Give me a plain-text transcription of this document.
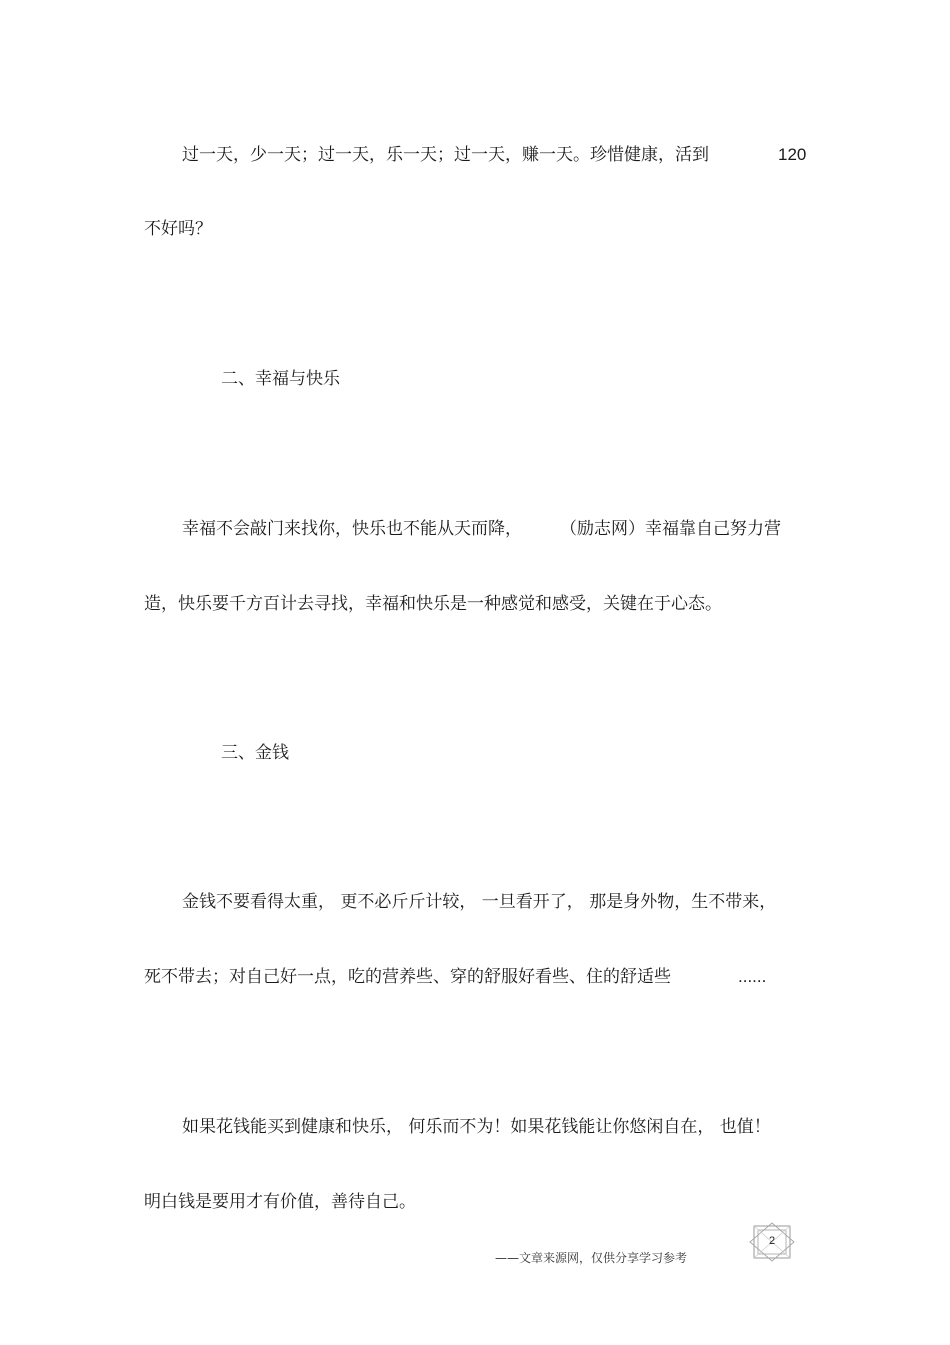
过一天，少一天；过一天，乐一天；过一天，赚一天。珍惜健康，活到	120
不好吗？
二、幸福与快乐
幸福不会敲门来找你，快乐也不能从天而降， （励志网）幸福靠自己努力营
造，快乐要千方百计去寻找，幸福和快乐是一种感觉和感受，关键在于心态。
三、金钱
金钱不要看得太重， 更不必斤斤计较， 一旦看开了， 那是身外物，生不带来，
死不带去；对自己好一点，吃的营养些、穿的舒服好看些、住的舒适些	......
如果花钱能买到健康和快乐， 何乐而不为！如果花钱能让你悠闲自在， 也值！
明白钱是要用才有价值，善待自己。
——文章来源网，仅供分享学习参考
2
